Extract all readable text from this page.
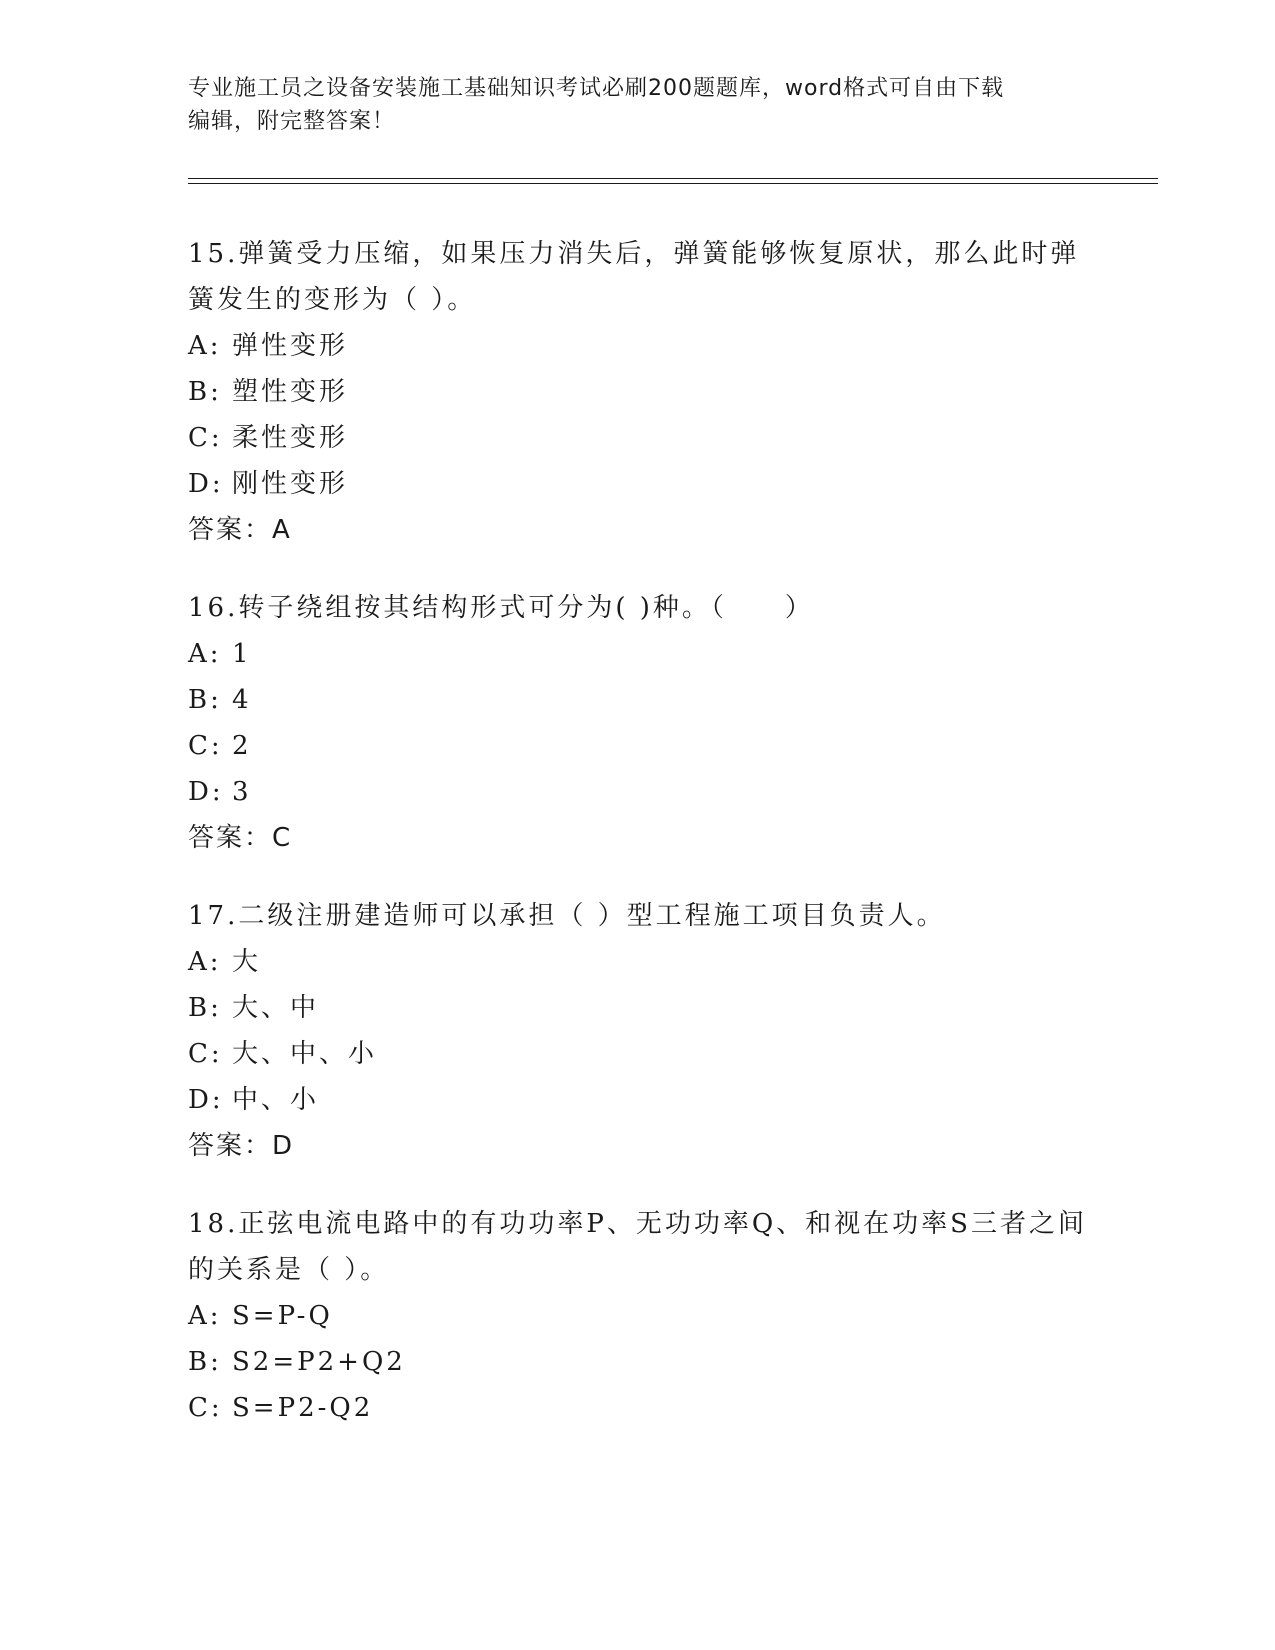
专业施工员之设备安装施工基础知识考试必刷200题题库，word格式可自由下载
编辑，附完整答案！
15.弹簧受力压缩，如果压力消失后，弹簧能够恢复原状，那么此时弹簧发生的变形为（ ）。
A: 弹性变形
B: 塑性变形
C: 柔性变形
D: 刚性变形
答案：A
16.转子绕组按其结构形式可分为( )种。（　　）
A: 1
B: 4
C: 2
D: 3
答案：C
17.二级注册建造师可以承担（ ）型工程施工项目负责人。
A: 大
B: 大、中
C: 大、中、小
D: 中、小
答案：D
18.正弦电流电路中的有功功率P、无功功率Q、和视在功率S三者之间的关系是（ ）。
A: S=P-Q
B: S2=P2+Q2
C: S=P2-Q2
